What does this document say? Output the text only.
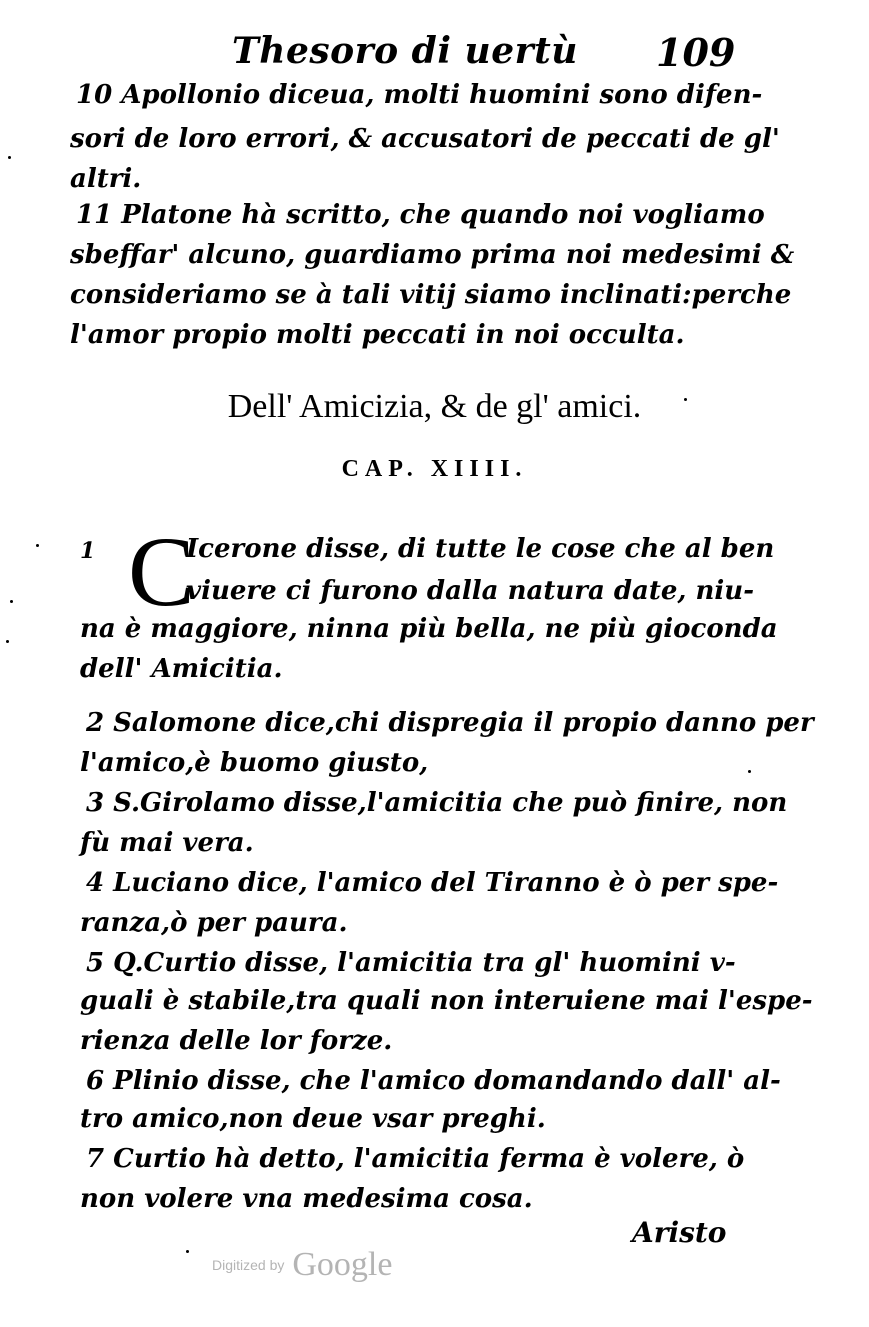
Thesoro di uertù 109
10 Apollonio diceua, molti huomini sono difen-
sori de loro errori, & accusatori de peccati de gl'
altri.
11 Platone hà scritto, che quando noi vogliamo
sbeffar' alcuno, guardiamo prima noi medesimi &
consideriamo se à tali vitij siamo inclinati:perche
l'amor propio molti peccati in noi occulta.
Dell' Amicizia, & de gl' amici.
CAP. XIIII.
1	Icerone disse, di tutte le cose che al ben
viuere ci furono dalla natura date, niu-
na è maggiore, ninna più bella, ne più gioconda
dell' Amicitia.
C
2 Salomone dice,chi dispregia il propio danno per
l'amico,è buomo giusto,
3 S.Girolamo disse,l'amicitia che può finire, non
fù mai vera.
4 Luciano dice, l'amico del Tiranno è ò per spe-
ranza,ò per paura.
5 Q.Curtio disse, l'amicitia tra gl' huomini v-
guali è stabile,tra quali non interuiene mai l'espe-
rienza delle lor forze.
6 Plinio disse, che l'amico domandando dall' al-
tro amico,non deue vsar preghi.
7 Curtio hà detto, l'amicitia ferma è volere, ò
non volere vna medesima cosa.
Aristo
Digitized by Google
